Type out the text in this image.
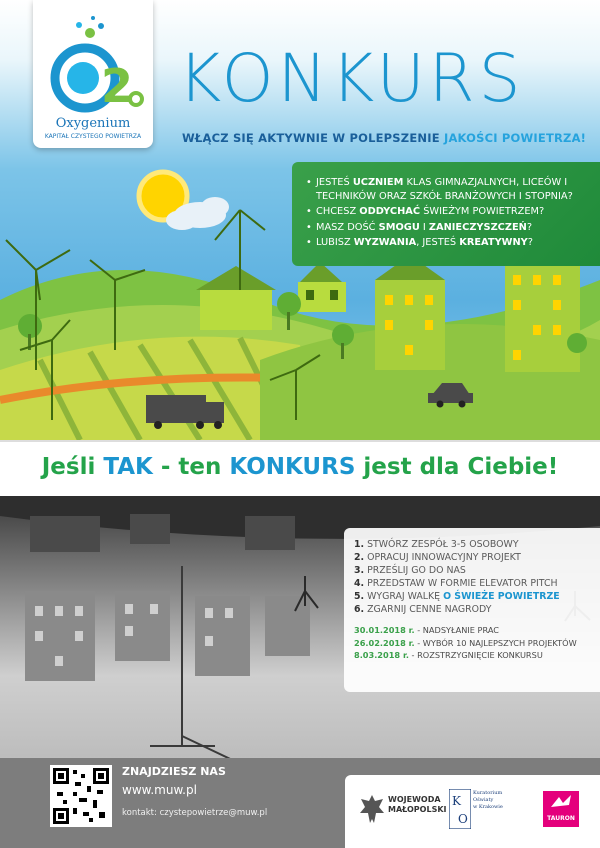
2
Oxygenium
KAPITAŁ CZYSTEGO POWIETRZA
KONKURS
WŁĄCZ SIĘ AKTYWNIE W POLEPSZENIE JAKOŚCI POWIETRZA!
• JESTEŚ UCZNIEM KLAS GIMNAZJALNYCH, LICEÓW I TECHNIKÓW ORAZ SZKÓŁ BRANŻOWYCH I STOPNIA?
• CHCESZ ODDYCHAĆ ŚWIEŻYM POWIETRZEM?
• MASZ DOŚĆ SMOGU I ZANIECZYSZCZEŃ?
• LUBISZ WYZWANIA, JESTEŚ KREATYWNY?
Jeśli TAK - ten KONKURS jest dla Ciebie!
1. STWÓRZ ZESPÓŁ 3-5 OSOBOWY
2. OPRACUJ INNOWACYJNY PROJEKT
3. PRZEŚLIJ GO DO NAS
4. PRZEDSTAW W FORMIE ELEVATOR PITCH
5. WYGRAJ WALKĘ O ŚWIEŻE POWIETRZE
6. ZGARNIJ CENNE NAGRODY
30.01.2018 r. - NADSYŁANIE PRAC
26.02.2018 r. - WYBÓR 10 NAJLEPSZYCH PROJEKTÓW
8.03.2018 r. - ROZSTRZYGNIĘCIE KONKURSU
ZNAJDZIESZ NAS
www.muw.pl
kontakt: czystepowietrze@muw.pl
WOJEWODA
MAŁOPOLSKI
K
O
Kuratorium
Oświaty
w Krakowie
TAURON
